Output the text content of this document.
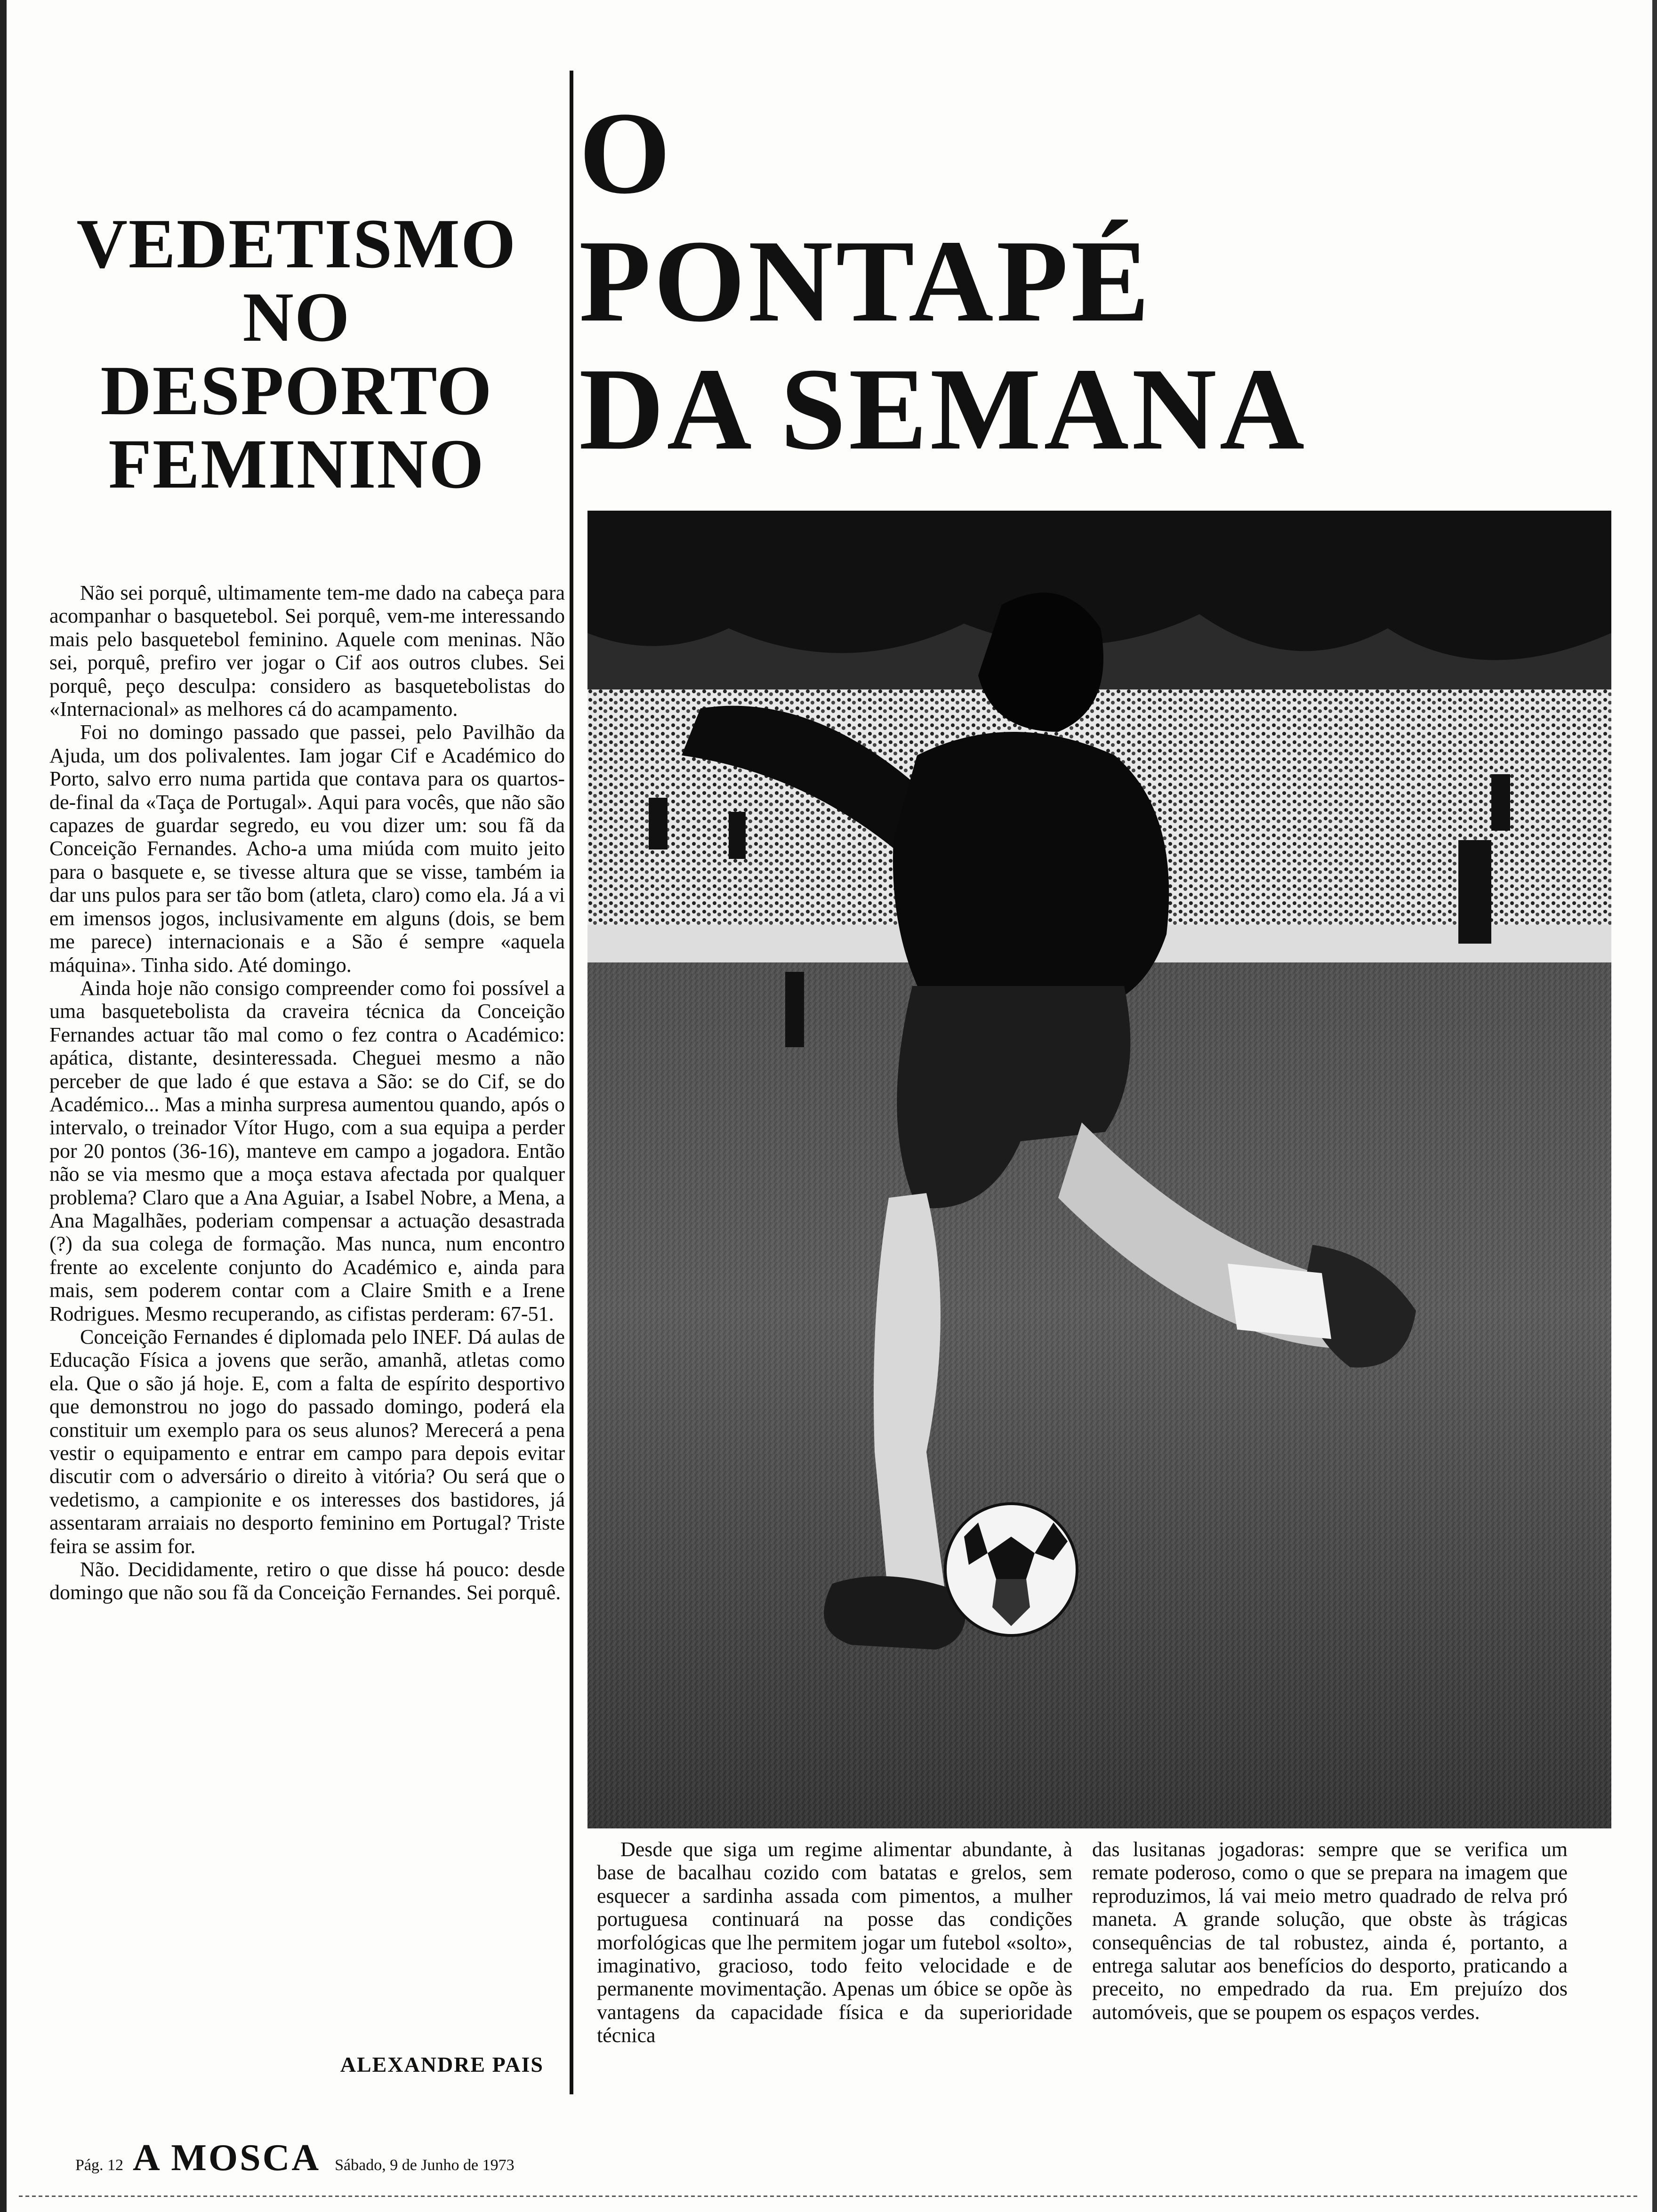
VEDETISMO
NO
DESPORTO
FEMININO
O
PONTAPÉ
DA SEMANA

Não sei porquê, ultimamente tem-me dado na cabeça para acompanhar o basquetebol. Sei porquê, vem-me interessando mais pelo basquetebol feminino. Aquele com meninas. Não sei, porquê, prefiro ver jogar o Cif aos outros clubes. Sei porquê, peço desculpa: considero as basquetebolistas do «Internacional» as melhores cá do acampamento.

Foi no domingo passado que passei, pelo Pavilhão da Ajuda, um dos polivalentes. Iam jogar Cif e Académico do Porto, salvo erro numa partida que contava para os quartos-de-final da «Taça de Portugal». Aqui para vocês, que não são capazes de guardar segredo, eu vou dizer um: sou fã da Conceição Fernandes. Acho-a uma miúda com muito jeito para o basquete e, se tivesse altura que se visse, também ia dar uns pulos para ser tão bom (atleta, claro) como ela. Já a vi em imensos jogos, inclusivamente em alguns (dois, se bem me parece) internacionais e a São é sempre «aquela máquina». Tinha sido. Até domingo.

Ainda hoje não consigo compreender como foi possível a uma basquetebolista da craveira técnica da Conceição Fernandes actuar tão mal como o fez contra o Académico: apática, distante, desinteressada. Cheguei mesmo a não perceber de que lado é que estava a São: se do Cif, se do Académico... Mas a minha surpresa aumentou quando, após o intervalo, o treinador Vítor Hugo, com a sua equipa a perder por 20 pontos (36-16), manteve em campo a jogadora. Então não se via mesmo que a moça estava afectada por qualquer problema? Claro que a Ana Aguiar, a Isabel Nobre, a Mena, a Ana Magalhães, poderiam compensar a actuação desastrada (?) da sua colega de formação. Mas nunca, num encontro frente ao excelente conjunto do Académico e, ainda para mais, sem poderem contar com a Claire Smith e a Irene Rodrigues. Mesmo recuperando, as cifistas perderam: 67-51.

Conceição Fernandes é diplomada pelo INEF. Dá aulas de Educação Física a jovens que serão, amanhã, atletas como ela. Que o são já hoje. E, com a falta de espírito desportivo que demonstrou no jogo do passado domingo, poderá ela constituir um exemplo para os seus alunos? Merecerá a pena vestir o equipamento e entrar em campo para depois evitar discutir com o adversário o direito à vitória? Ou será que o vedetismo, a campionite e os interesses dos bastidores, já assentaram arraiais no desporto feminino em Portugal? Triste feira se assim for.

Não. Decididamente, retiro o que disse há pouco: desde domingo que não sou fã da Conceição Fernandes. Sei porquê.

ALEXANDRE PAIS

Desde que siga um regime alimentar abundante, à base de bacalhau cozido com batatas e grelos, sem esquecer a sardinha assada com pimentos, a mulher portuguesa continuará na posse das condições morfológicas que lhe permitem jogar um futebol «solto», imaginativo, gracioso, todo feito velocidade e de permanente movimentação. Apenas um óbice se opõe às vantagens da capacidade física e da superioridade técnica

das lusitanas jogadoras: sempre que se verifica um remate poderoso, como o que se prepara na imagem que reproduzimos, lá vai meio metro quadrado de relva pró maneta. A grande solução, que obste às trágicas consequências de tal robustez, ainda é, portanto, a entrega salutar aos benefícios do desporto, praticando a preceito, no empedrado da rua. Em prejuízo dos automóveis, que se poupem os espaços verdes.

Pág. 12 A MOSCA Sábado, 9 de Junho de 1973
